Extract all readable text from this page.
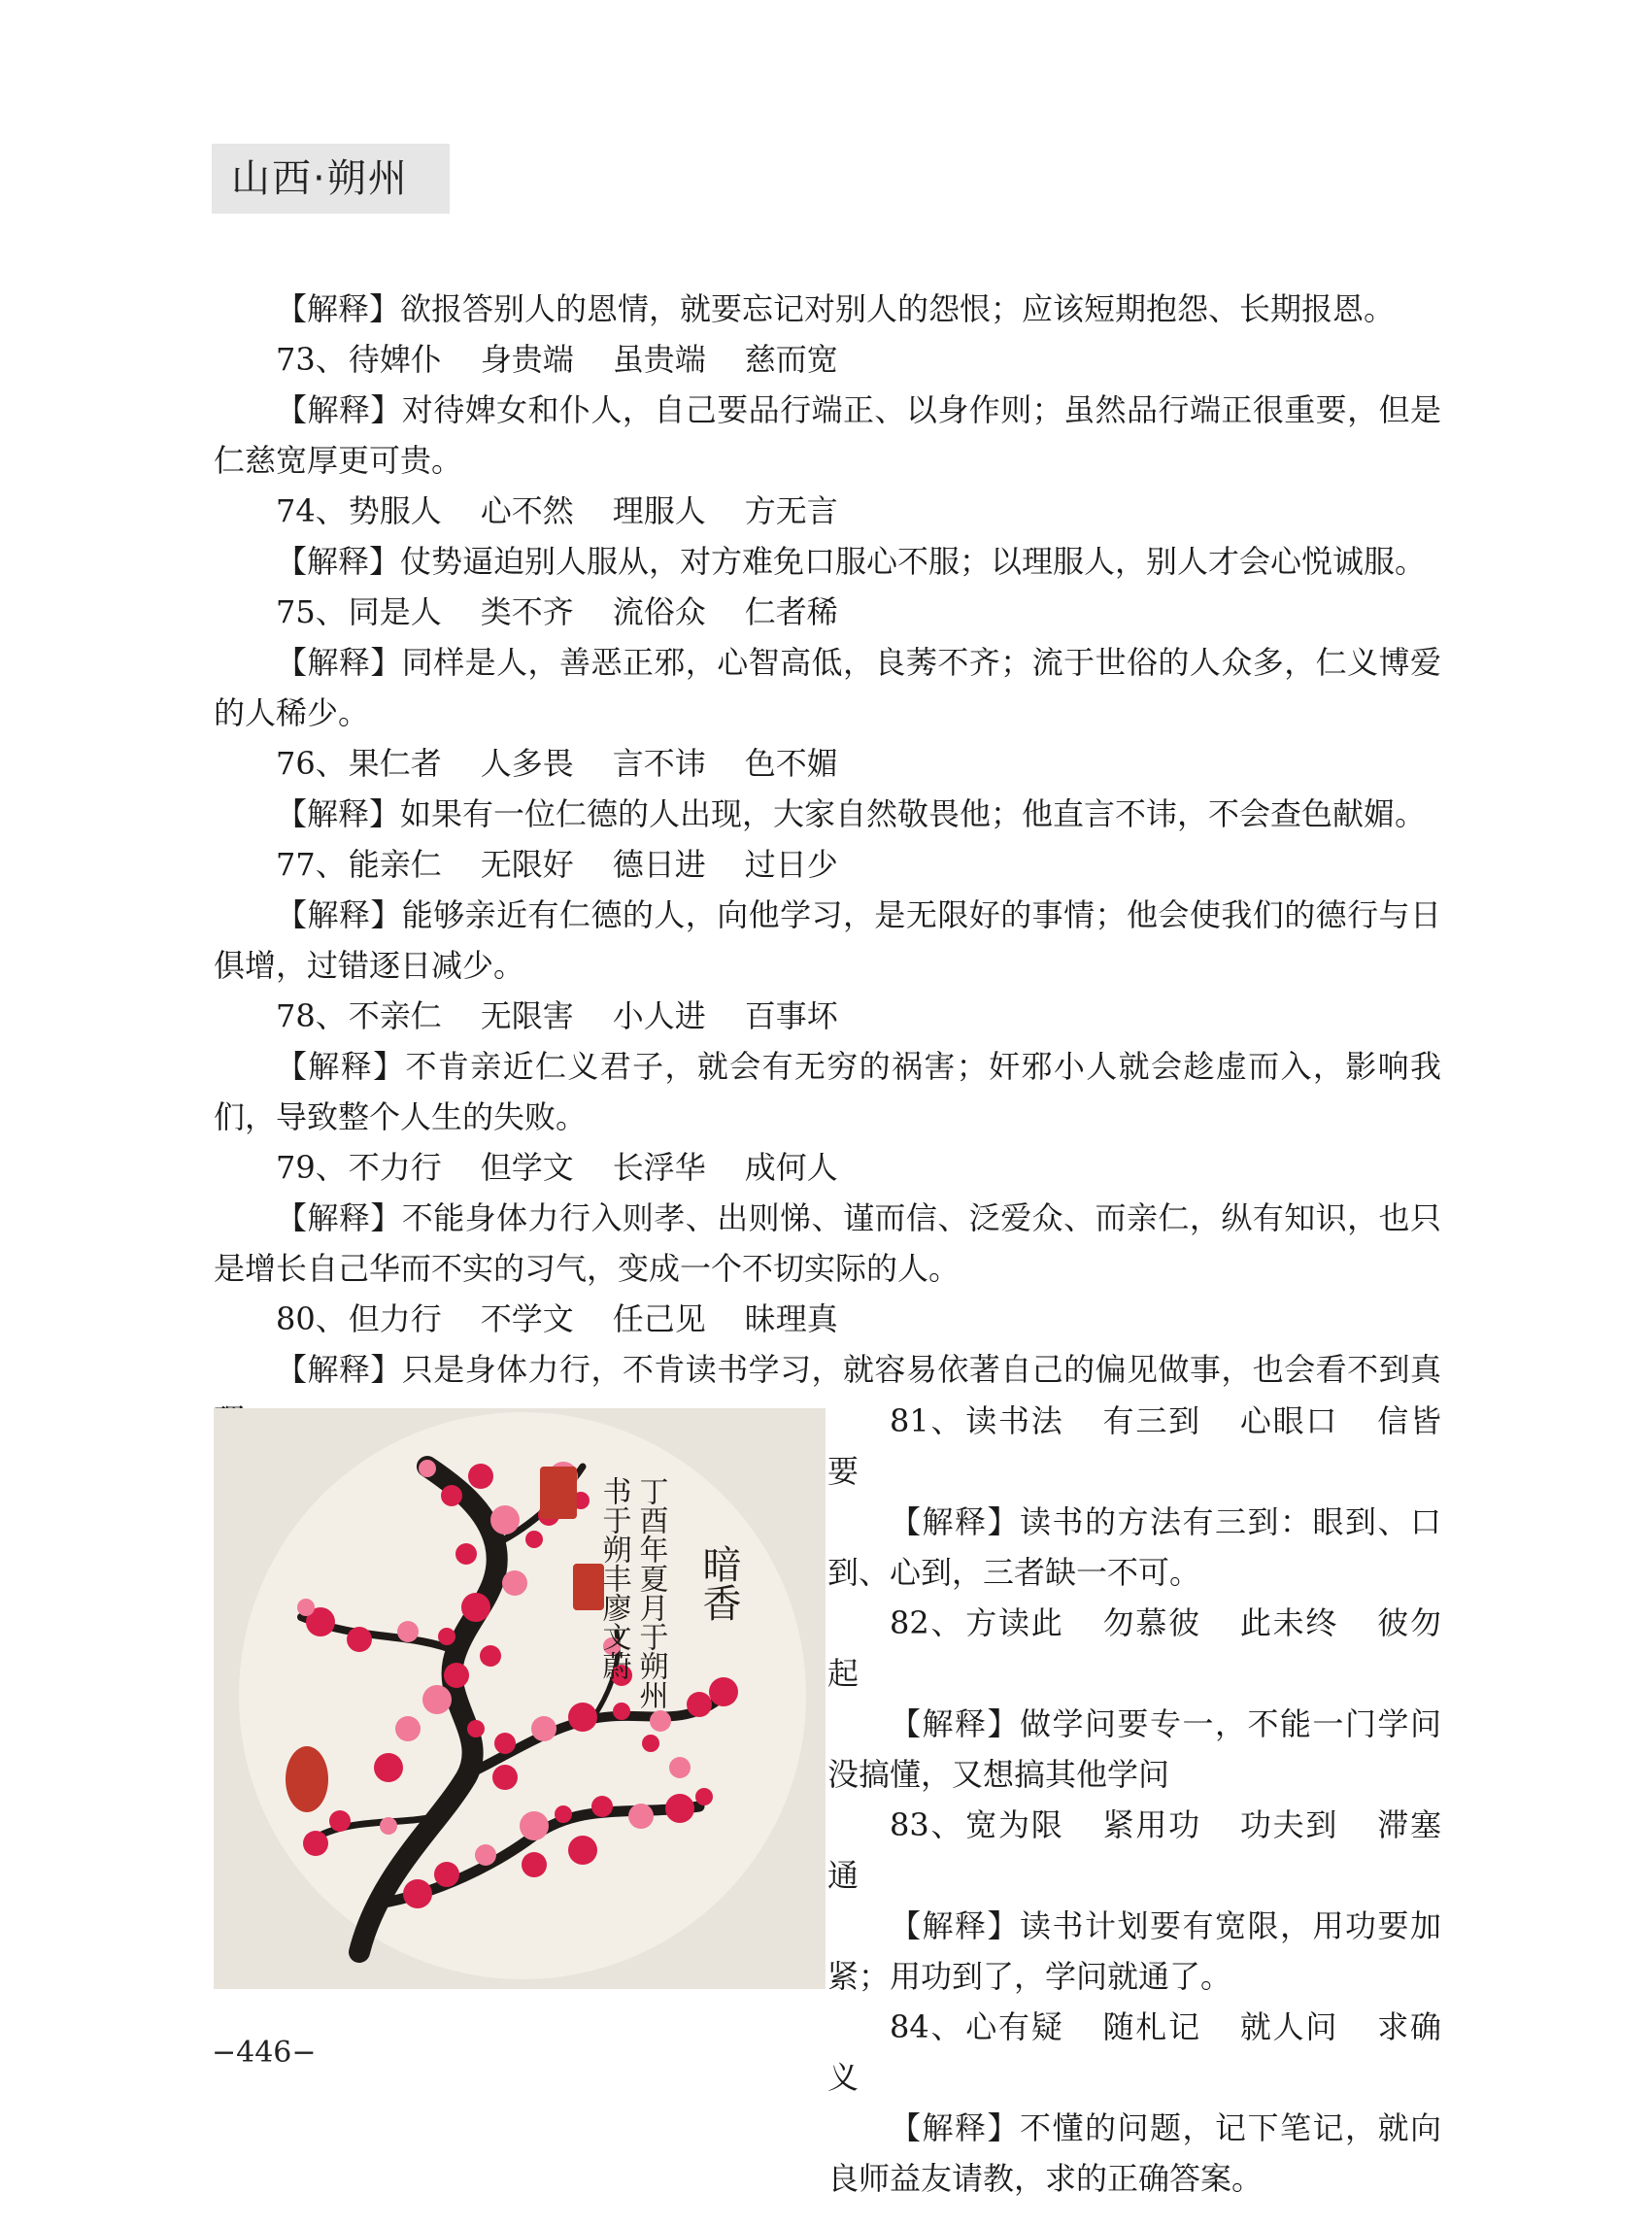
山西·朔州

【解释】欲报答别人的恩情，就要忘记对别人的怨恨；应该短期抱怨、长期报恩。

73、待婢仆 身贵端 虽贵端 慈而宽

【解释】对待婢女和仆人，自己要品行端正、以身作则；虽然品行端正很重要，但是仁慈宽厚更可贵。

74、势服人 心不然 理服人 方无言

【解释】仗势逼迫别人服从，对方难免口服心不服；以理服人，别人才会心悦诚服。

75、同是人 类不齐 流俗众 仁者稀

【解释】同样是人，善恶正邪，心智高低，良莠不齐；流于世俗的人众多，仁义博爱的人稀少。

76、果仁者 人多畏 言不讳 色不媚

【解释】如果有一位仁德的人出现，大家自然敬畏他；他直言不讳，不会查色献媚。

77、能亲仁 无限好 德日进 过日少

【解释】能够亲近有仁德的人，向他学习，是无限好的事情；他会使我们的德行与日俱增，过错逐日减少。

78、不亲仁 无限害 小人进 百事坏

【解释】不肯亲近仁义君子，就会有无穷的祸害；奸邪小人就会趁虚而入，影响我们，导致整个人生的失败。

79、不力行 但学文 长浮华 成何人

【解释】不能身体力行入则孝、出则悌、谨而信、泛爱众、而亲仁，纵有知识，也只是增长自己华而不实的习气，变成一个不切实际的人。

80、但力行 不学文 任己见 昧理真

【解释】只是身体力行，不肯读书学习，就容易依著自己的偏见做事，也会看不到真

暗香
丁酉年夏月于朔州
书于朔丰廖文蔚

81、读书法 有三到 心眼口 信皆要

【解释】读书的方法有三到：眼到、口到、心到，三者缺一不可。

82、方读此 勿慕彼 此未终 彼勿起

【解释】做学问要专一，不能一门学问没搞懂，又想搞其他学问

83、宽为限 紧用功 功夫到 滞塞通

【解释】读书计划要有宽限，用功要加紧；用功到了，学问就通了。

84、心有疑 随札记 就人问 求确义

【解释】不懂的问题，记下笔记，就向良师益友请教，求的正确答案。

−446−
